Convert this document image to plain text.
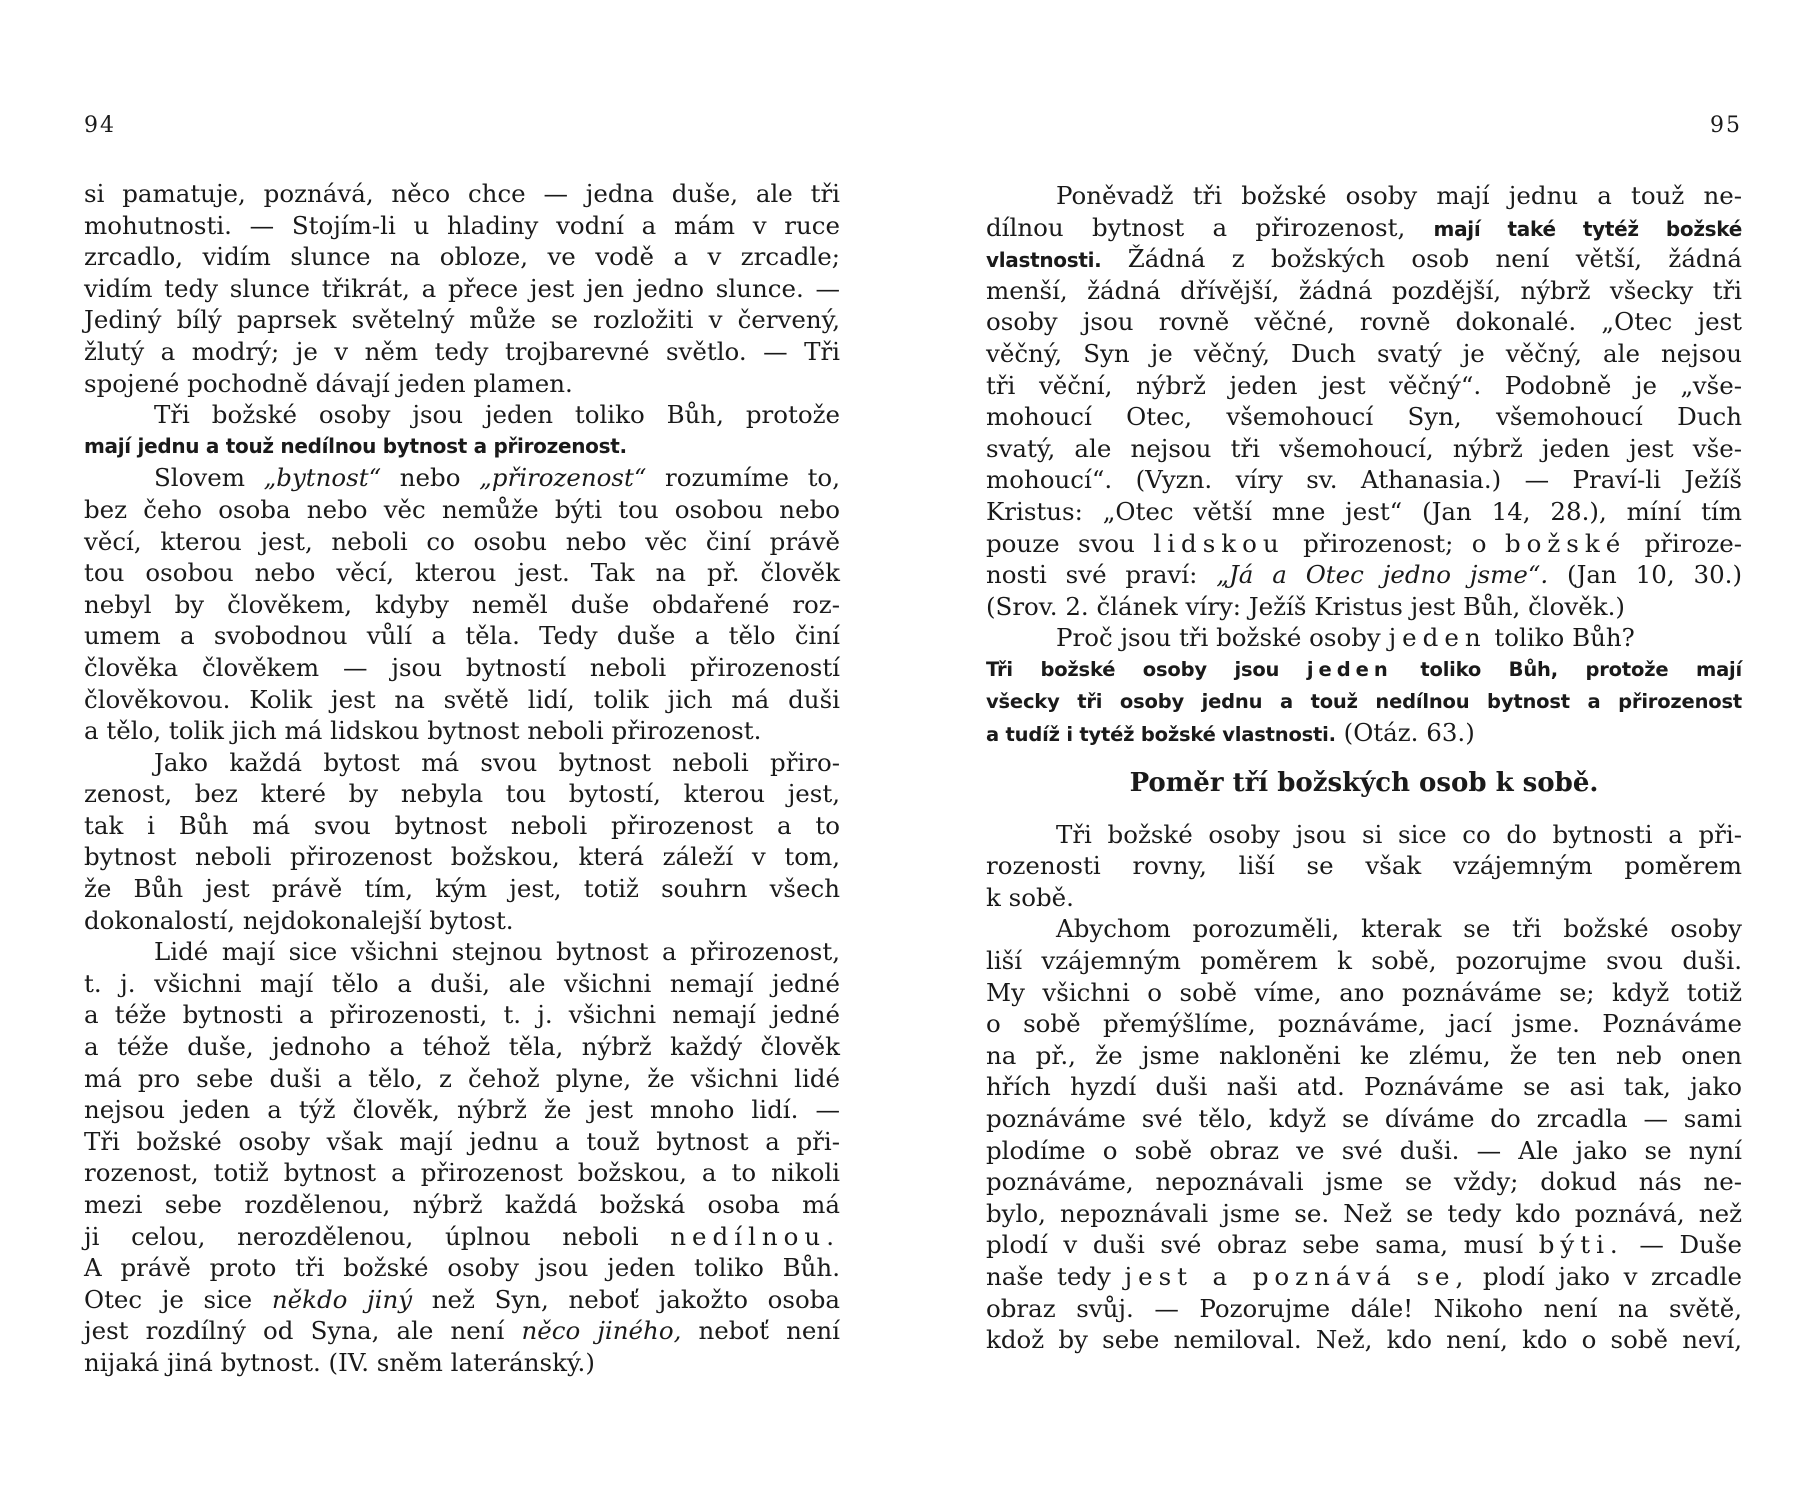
94
si pamatuje, poznává, něco chce — jedna duše, ale tři
mohutnosti. — Stojím-li u hladiny vodní a mám v ruce
zrcadlo, vidím slunce na obloze, ve vodě a v zrcadle;
vidím tedy slunce třikrát, a přece jest jen jedno slunce. —
Jediný bílý paprsek světelný může se rozložiti v červený,
žlutý a modrý; je v něm tedy trojbarevné světlo. — Tři
spojené pochodně dávají jeden plamen.
Tři božské osoby jsou jeden toliko Bůh, protože
mají jednu a touž nedílnou bytnost a přirozenost.
Slovem „bytnost“ nebo „přirozenost“ rozumíme to,
bez čeho osoba nebo věc nemůže býti tou osobou nebo
věcí, kterou jest, neboli co osobu nebo věc činí právě
tou osobou nebo věcí, kterou jest. Tak na př. člověk
nebyl by člověkem, kdyby neměl duše obdařené roz-
umem a svobodnou vůlí a těla. Tedy duše a tělo činí
člověka člověkem — jsou bytností neboli přirozeností
člověkovou. Kolik jest na světě lidí, tolik jich má duši
a tělo, tolik jich má lidskou bytnost neboli přirozenost.
Jako každá bytost má svou bytnost neboli přiro-
zenost, bez které by nebyla tou bytostí, kterou jest,
tak i Bůh má svou bytnost neboli přirozenost a to
bytnost neboli přirozenost božskou, která záleží v tom,
že Bůh jest právě tím, kým jest, totiž souhrn všech
dokonalostí, nejdokonalejší bytost.
Lidé mají sice všichni stejnou bytnost a přirozenost,
t. j. všichni mají tělo a duši, ale všichni nemají jedné
a téže bytnosti a přirozenosti, t. j. všichni nemají jedné
a téže duše, jednoho a téhož těla, nýbrž každý člověk
má pro sebe duši a tělo, z čehož plyne, že všichni lidé
nejsou jeden a týž člověk, nýbrž že jest mnoho lidí. —
Tři božské osoby však mají jednu a touž bytnost a při-
rozenost, totiž bytnost a přirozenost božskou, a to nikoli
mezi sebe rozdělenou, nýbrž každá božská osoba má
ji celou, nerozdělenou, úplnou neboli nedílnou.
A právě proto tři božské osoby jsou jeden toliko Bůh.
Otec je sice někdo jiný než Syn, neboť jakožto osoba
jest rozdílný od Syna, ale není něco jiného, neboť není
nijaká jiná bytnost. (IV. sněm lateránský.)
95
Poněvadž tři božské osoby mají jednu a touž ne-
dílnou bytnost a přirozenost, mají také tytéž božské
vlastnosti. Žádná z božských osob není větší, žádná
menší, žádná dřívější, žádná pozdější, nýbrž všecky tři
osoby jsou rovně věčné, rovně dokonalé. „Otec jest
věčný, Syn je věčný, Duch svatý je věčný, ale nejsou
tři věční, nýbrž jeden jest věčný“. Podobně je „vše-
mohoucí Otec, všemohoucí Syn, všemohoucí Duch
svatý, ale nejsou tři všemohoucí, nýbrž jeden jest vše-
mohoucí“. (Vyzn. víry sv. Athanasia.) — Praví-li Ježíš
Kristus: „Otec větší mne jest“ (Jan 14, 28.), míní tím
pouze svou lidskou přirozenost; o božské přiroze-
nosti své praví: „Já a Otec jedno jsme“. (Jan 10, 30.)
(Srov. 2. článek víry: Ježíš Kristus jest Bůh, člověk.)
Proč jsou tři božské osoby jeden toliko Bůh?
Tři božské osoby jsou jeden toliko Bůh, protože mají
všecky tři osoby jednu a touž nedílnou bytnost a přirozenost
a tudíž i tytéž božské vlastnosti. (Otáz. 63.)
Poměr tří božských osob k sobě.
Tři božské osoby jsou si sice co do bytnosti a při-
rozenosti rovny, liší se však vzájemným poměrem
k sobě.
Abychom porozuměli, kterak se tři božské osoby
liší vzájemným poměrem k sobě, pozorujme svou duši.
My všichni o sobě víme, ano poznáváme se; když totiž
o sobě přemýšlíme, poznáváme, jací jsme. Poznáváme
na př., že jsme nakloněni ke zlému, že ten neb onen
hřích hyzdí duši naši atd. Poznáváme se asi tak, jako
poznáváme své tělo, když se díváme do zrcadla — sami
plodíme o sobě obraz ve své duši. — Ale jako se nyní
poznáváme, nepoznávali jsme se vždy; dokud nás ne-
bylo, nepoznávali jsme se. Než se tedy kdo poznává, než
plodí v duši své obraz sebe sama, musí býti. — Duše
naše tedy jest a poznává se, plodí jako v zrcadle
obraz svůj. — Pozorujme dále! Nikoho není na světě,
kdož by sebe nemiloval. Než, kdo není, kdo o sobě neví,
